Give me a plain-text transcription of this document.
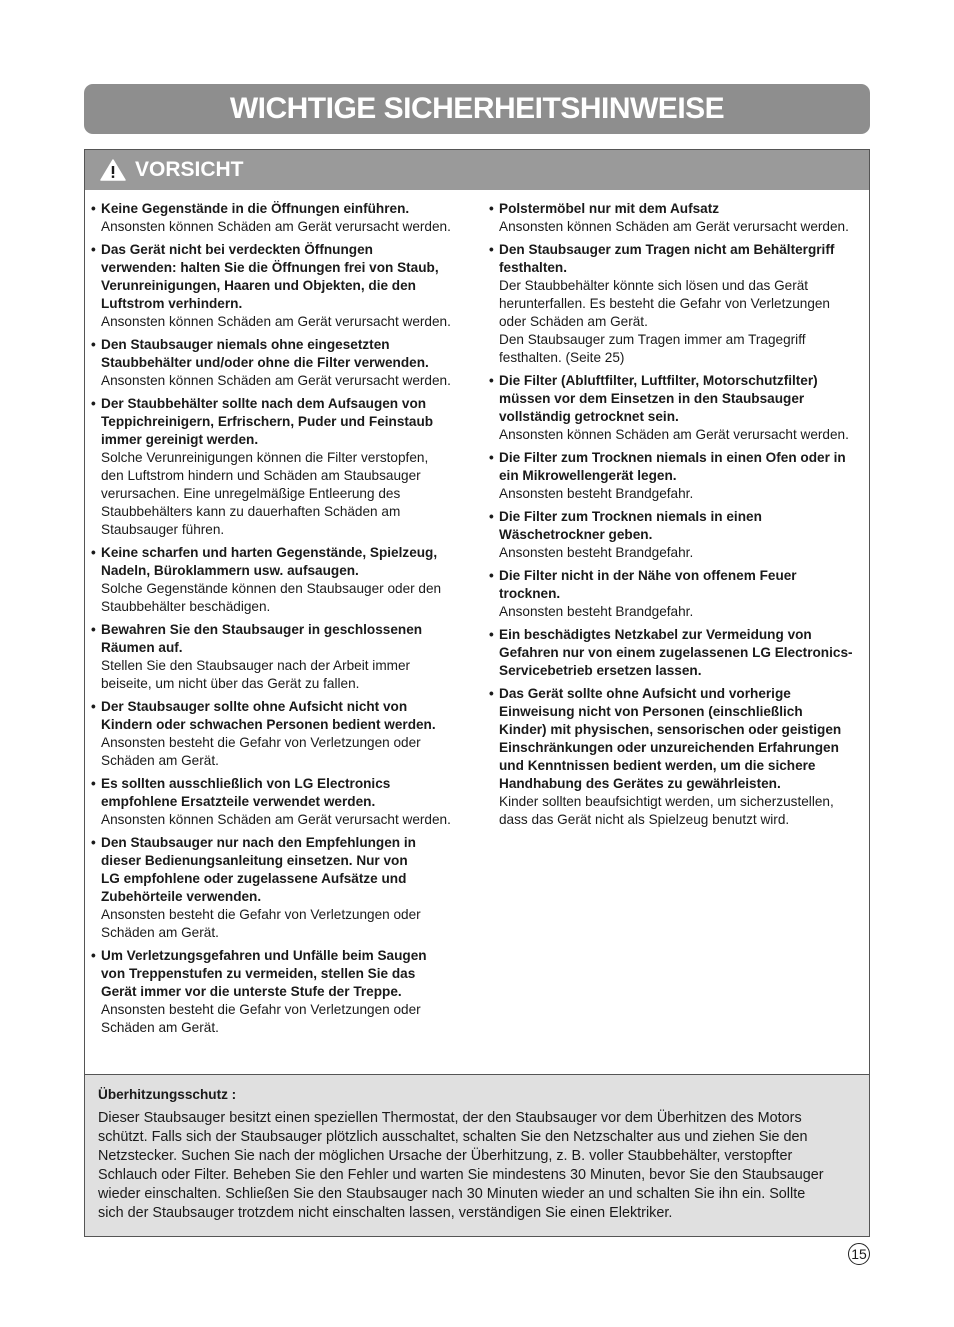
WICHTIGE SICHERHEITSHINWEISE
VORSICHT
• Keine Gegenstände in die Öffnungen einführen.
Ansonsten können Schäden am Gerät verursacht werden.
• Das Gerät nicht bei verdeckten Öffnungen
verwenden: halten Sie die Öffnungen frei von Staub,
Verunreinigungen, Haaren und Objekten, die den
Luftstrom verhindern.
Ansonsten können Schäden am Gerät verursacht werden.
• Den Staubsauger niemals ohne eingesetzten
Staubbehälter und/oder ohne die Filter verwenden.
Ansonsten können Schäden am Gerät verursacht werden.
• Der Staubbehälter sollte nach dem Aufsaugen von
Teppichreinigern, Erfrischern, Puder und Feinstaub
immer gereinigt werden.
Solche Verunreinigungen können die Filter verstopfen,
den Luftstrom hindern und Schäden am Staubsauger
verursachen. Eine unregelmäßige Entleerung des
Staubbehälters kann zu dauerhaften Schäden am
Staubsauger führen.
• Keine scharfen und harten Gegenstände, Spielzeug,
Nadeln, Büroklammern usw. aufsaugen.
Solche Gegenstände können den Staubsauger oder den
Staubbehälter beschädigen.
• Bewahren Sie den Staubsauger in geschlossenen
Räumen auf.
Stellen Sie den Staubsauger nach der Arbeit immer
beiseite, um nicht über das Gerät zu fallen.
• Der Staubsauger sollte ohne Aufsicht nicht von
Kindern oder schwachen Personen bedient werden.
Ansonsten besteht die Gefahr von Verletzungen oder
Schäden am Gerät.
• Es sollten ausschließlich von LG Electronics
empfohlene Ersatzteile verwendet werden.
Ansonsten können Schäden am Gerät verursacht werden.
• Den Staubsauger nur nach den Empfehlungen in
dieser Bedienungsanleitung einsetzen. Nur von
LG empfohlene oder zugelassene Aufsätze und
Zubehörteile verwenden.
Ansonsten besteht die Gefahr von Verletzungen oder
Schäden am Gerät.
• Um Verletzungsgefahren und Unfälle beim Saugen
von Treppenstufen zu vermeiden, stellen Sie das
Gerät immer vor die unterste Stufe der Treppe.
Ansonsten besteht die Gefahr von Verletzungen oder
Schäden am Gerät.
• Polstermöbel nur mit dem Aufsatz
Ansonsten können Schäden am Gerät verursacht werden.
• Den Staubsauger zum Tragen nicht am Behältergriff
festhalten.
Der Staubbehälter könnte sich lösen und das Gerät
herunterfallen. Es besteht die Gefahr von Verletzungen
oder Schäden am Gerät.
Den Staubsauger zum Tragen immer am Tragegriff
festhalten. (Seite 25)
• Die Filter (Abluftfilter, Luftfilter, Motorschutzfilter)
müssen vor dem Einsetzen in den Staubsauger
vollständig getrocknet sein.
Ansonsten können Schäden am Gerät verursacht werden.
• Die Filter zum Trocknen niemals in einen Ofen oder in
ein Mikrowellengerät legen.
Ansonsten besteht Brandgefahr.
• Die Filter zum Trocknen niemals in einen
Wäschetrockner geben.
Ansonsten besteht Brandgefahr.
• Die Filter nicht in der Nähe von offenem Feuer
trocknen.
Ansonsten besteht Brandgefahr.
• Ein beschädigtes Netzkabel zur Vermeidung von
Gefahren nur von einem zugelassenen LG Electronics-
Servicebetrieb ersetzen lassen.
• Das Gerät sollte ohne Aufsicht und vorherige
Einweisung nicht von Personen (einschließlich
Kinder) mit physischen, sensorischen oder geistigen
Einschränkungen oder unzureichenden Erfahrungen
und Kenntnissen bedient werden, um die sichere
Handhabung des Gerätes zu gewährleisten.
Kinder sollten beaufsichtigt werden, um sicherzustellen,
dass das Gerät nicht als Spielzeug benutzt wird.
Überhitzungsschutz :
Dieser Staubsauger besitzt einen speziellen Thermostat, der den Staubsauger vor dem Überhitzen des Motors
schützt. Falls sich der Staubsauger plötzlich ausschaltet, schalten Sie den Netzschalter aus und ziehen Sie den
Netzstecker. Suchen Sie nach der möglichen Ursache der Überhitzung, z. B. voller Staubbehälter, verstopfter
Schlauch oder Filter. Beheben Sie den Fehler und warten Sie mindestens 30 Minuten, bevor Sie den Staubsauger
wieder einschalten. Schließen Sie den Staubsauger nach 30 Minuten wieder an und schalten Sie ihn ein. Sollte
sich der Staubsauger trotzdem nicht einschalten lassen, verständigen Sie einen Elektriker.
15
